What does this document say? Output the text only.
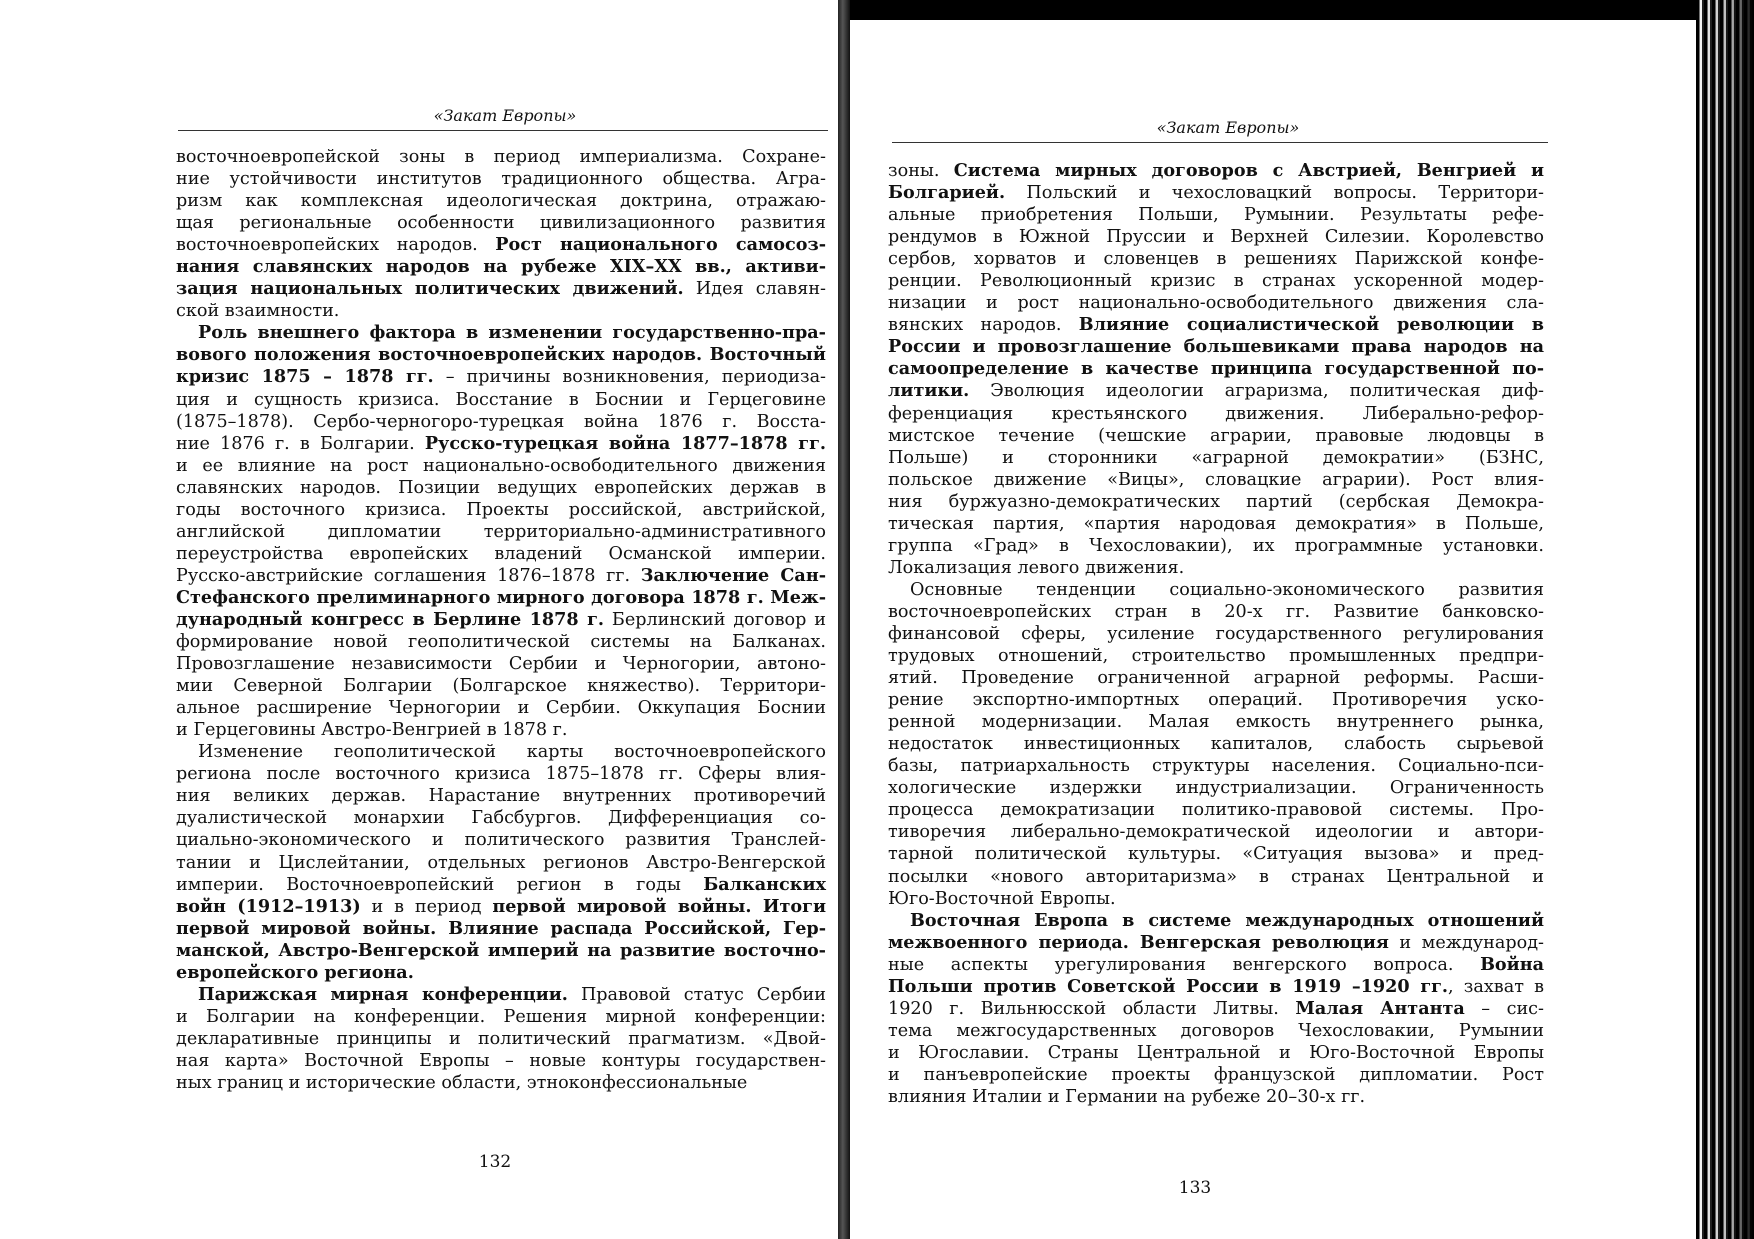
«Закат Европы»

восточноевропейской зоны в период империализма. Сохране-
ние устойчивости институтов традиционного общества. Агра-
ризм как комплексная идеологическая доктрина, отражаю-
щая региональные особенности цивилизационного развития
восточноевропейских народов. Рост национального самосоз-
нания славянских народов на рубеже XIX–XX вв., активи-
зация национальных политических движений. Идея славян-
ской взаимности.

Роль внешнего фактора в изменении государственно-пра-
вового положения восточноевропейских народов. Восточный
кризис 1875 – 1878 гг. – причины возникновения, периодиза-
ция и сущность кризиса. Восстание в Боснии и Герцеговине
(1875–1878). Сербо-черногоро-турецкая война 1876 г. Восста-
ние 1876 г. в Болгарии. Русско-турецкая война 1877–1878 гг.
и ее влияние на рост национально-освободительного движения
славянских народов. Позиции ведущих европейских держав в
годы восточного кризиса. Проекты российской, австрийской,
английской дипломатии территориально-административного
переустройства европейских владений Османской империи.
Русско-австрийские соглашения 1876–1878 гг. Заключение Сан-
Стефанского прелиминарного мирного договора 1878 г. Меж-
дународный конгресс в Берлине 1878 г. Берлинский договор и
формирование новой геополитической системы на Балканах.
Провозглашение независимости Сербии и Черногории, автоно-
мии Северной Болгарии (Болгарское княжество). Территори-
альное расширение Черногории и Сербии. Оккупация Боснии
и Герцеговины Австро-Венгрией в 1878 г.

Изменение геополитической карты восточноевропейского
региона после восточного кризиса 1875–1878 гг. Сферы влия-
ния великих держав. Нарастание внутренних противоречий
дуалистической монархии Габсбургов. Дифференциация со-
циально-экономического и политического развития Транслей-
тании и Цислейтании, отдельных регионов Австро-Венгерской
империи. Восточноевропейский регион в годы Балканских
войн (1912–1913) и в период первой мировой войны. Итоги
первой мировой войны. Влияние распада Российской, Гер-
манской, Австро-Венгерской империй на развитие восточно-
европейского региона.

Парижская мирная конференции. Правовой статус Сербии
и Болгарии на конференции. Решения мирной конференции:
декларативные принципы и политический прагматизм. «Двой-
ная карта» Восточной Европы – новые контуры государствен-
ных границ и исторические области, этноконфессиональные

132
«Закат Европы»

зоны. Система мирных договоров с Австрией, Венгрией и
Болгарией. Польский и чехословацкий вопросы. Территори-
альные приобретения Польши, Румынии. Результаты рефе-
рендумов в Южной Пруссии и Верхней Силезии. Королевство
сербов, хорватов и словенцев в решениях Парижской конфе-
ренции. Революционный кризис в странах ускоренной модер-
низации и рост национально-освободительного движения сла-
вянских народов. Влияние социалистической революции в
России и провозглашение большевиками права народов на
самоопределение в качестве принципа государственной по-
литики. Эволюция идеологии аграризма, политическая диф-
ференциация крестьянского движения. Либерально-рефор-
мистское течение (чешские аграрии, правовые людовцы в
Польше) и сторонники «аграрной демократии» (БЗНС,
польское движение «Вицы», словацкие аграрии). Рост влия-
ния буржуазно-демократических партий (сербская Демокра-
тическая партия, «партия народовая демократия» в Польше,
группа «Град» в Чехословакии), их программные установки.
Локализация левого движения.

Основные тенденции социально-экономического развития
восточноевропейских стран в 20-х гг. Развитие банковско-
финансовой сферы, усиление государственного регулирования
трудовых отношений, строительство промышленных предпри-
ятий. Проведение ограниченной аграрной реформы. Расши-
рение экспортно-импортных операций. Противоречия уско-
ренной модернизации. Малая емкость внутреннего рынка,
недостаток инвестиционных капиталов, слабость сырьевой
базы, патриархальность структуры населения. Социально-пси-
хологические издержки индустриализации. Ограниченность
процесса демократизации политико-правовой системы. Про-
тиворечия либерально-демократической идеологии и автори-
тарной политической культуры. «Ситуация вызова» и пред-
посылки «нового авторитаризма» в странах Центральной и
Юго-Восточной Европы.

Восточная Европа в системе международных отношений
межвоенного периода. Венгерская революция и международ-
ные аспекты урегулирования венгерского вопроса. Война
Польши против Советской России в 1919 –1920 гг., захват в
1920 г. Вильнюсской области Литвы. Малая Антанта – сис-
тема межгосударственных договоров Чехословакии, Румынии
и Югославии. Страны Центральной и Юго-Восточной Европы
и панъевропейские проекты французской дипломатии. Рост
влияния Италии и Германии на рубеже 20–30-х гг.

133
